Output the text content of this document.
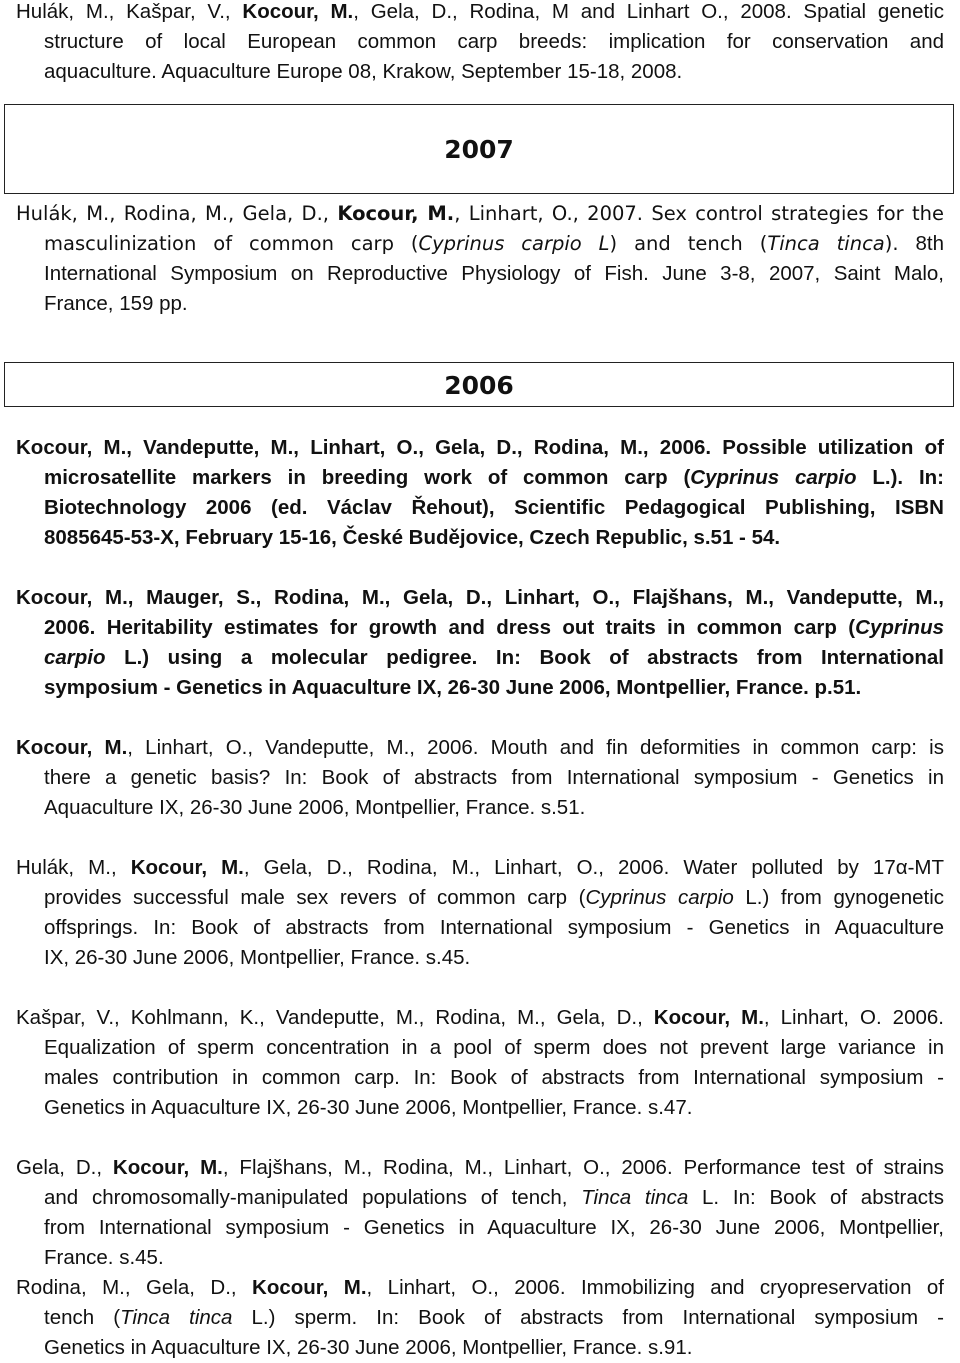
Hulák, M., Kašpar, V., Kocour, M., Gela, D., Rodina, M and Linhart O., 2008. Spatial genetic
structure of local European common carp breeds: implication for conservation and
aquaculture. Aquaculture Europe 08, Krakow, September 15-18, 2008.
2007
Hulák, M., Rodina, M., Gela, D., Kocour, M., Linhart, O., 2007. Sex control strategies for the
masculinization of common carp (Cyprinus carpio L) and tench (Tinca tinca). 8th
International Symposium on Reproductive Physiology of Fish. June 3-8, 2007, Saint Malo,
France, 159 pp.
2006
Kocour, M., Vandeputte, M., Linhart, O., Gela, D., Rodina, M., 2006. Possible utilization of
microsatellite markers in breeding work of common carp (Cyprinus carpio L.). In:
Biotechnology 2006 (ed. Václav Řehout), Scientific Pedagogical Publishing, ISBN
8085645-53-X, February 15-16, České Budějovice, Czech Republic, s.51 - 54.
Kocour, M., Mauger, S., Rodina, M., Gela, D., Linhart, O., Flajšhans, M., Vandeputte, M.,
2006. Heritability estimates for growth and dress out traits in common carp (Cyprinus
carpio L.) using a molecular pedigree. In: Book of abstracts from International
symposium - Genetics in Aquaculture IX, 26-30 June 2006, Montpellier, France. p.51.
Kocour, M., Linhart, O., Vandeputte, M., 2006. Mouth and fin deformities in common carp: is
there a genetic basis? In: Book of abstracts from International symposium - Genetics in
Aquaculture IX, 26-30 June 2006, Montpellier, France. s.51.
Hulák, M., Kocour, M., Gela, D., Rodina, M., Linhart, O., 2006. Water polluted by 17α-MT
provides successful male sex revers of common carp (Cyprinus carpio L.) from gynogenetic
offsprings. In: Book of abstracts from International symposium - Genetics in Aquaculture
IX, 26-30 June 2006, Montpellier, France. s.45.
Kašpar, V., Kohlmann, K., Vandeputte, M., Rodina, M., Gela, D., Kocour, M., Linhart, O. 2006.
Equalization of sperm concentration in a pool of sperm does not prevent large variance in
males contribution in common carp. In: Book of abstracts from International symposium -
Genetics in Aquaculture IX, 26-30 June 2006, Montpellier, France. s.47.
Gela, D., Kocour, M., Flajšhans, M., Rodina, M., Linhart, O., 2006. Performance test of strains
and chromosomally-manipulated populations of tench, Tinca tinca L. In: Book of abstracts
from International symposium - Genetics in Aquaculture IX, 26-30 June 2006, Montpellier,
France. s.45.
Rodina, M., Gela, D., Kocour, M., Linhart, O., 2006. Immobilizing and cryopreservation of
tench (Tinca tinca L.) sperm. In: Book of abstracts from International symposium -
Genetics in Aquaculture IX, 26-30 June 2006, Montpellier, France. s.91.
